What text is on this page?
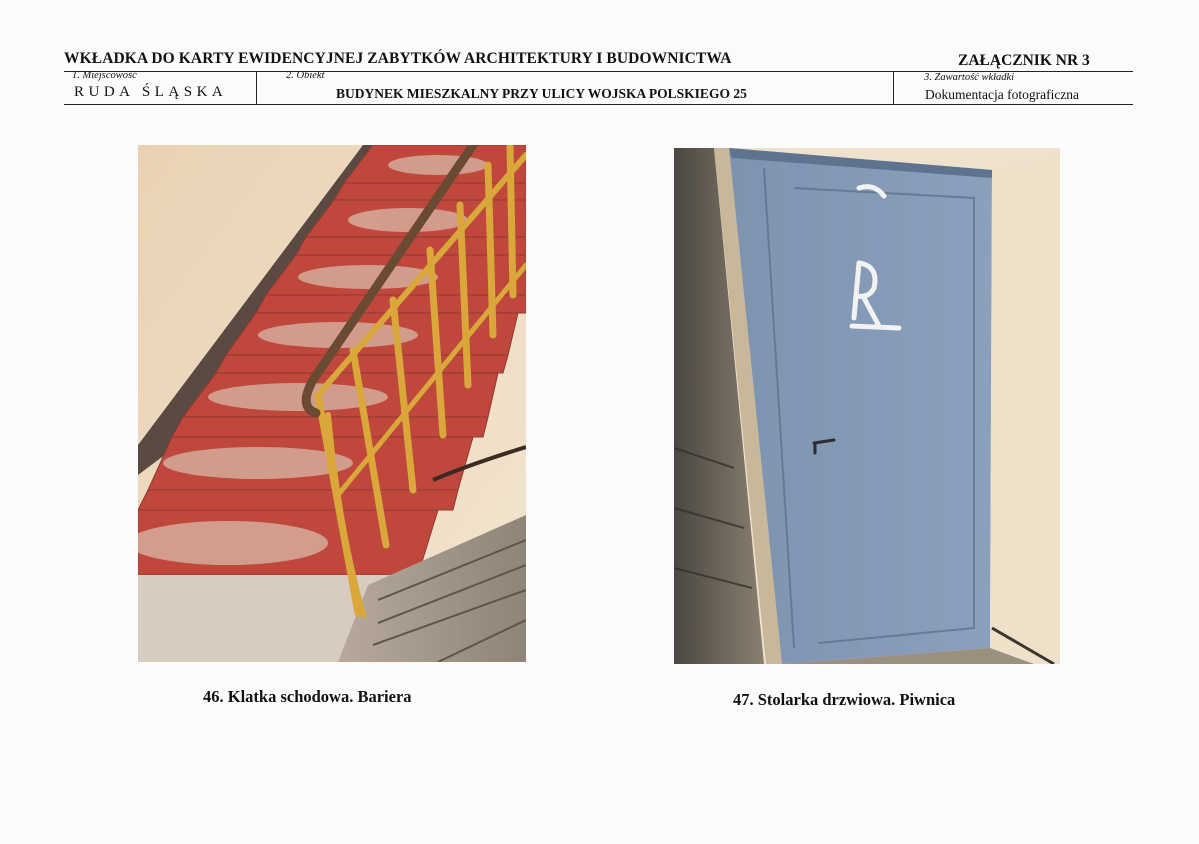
WKŁADKA DO KARTY EWIDENCYJNEJ ZABYTKÓW ARCHITEKTURY I BUDOWNICTWA	ZAŁĄCZNIK NR 3
1. Miejscowość
RUDA ŚLĄSKA
2. Obiekt
BUDYNEK MIESZKALNY PRZY ULICY WOJSKA POLSKIEGO 25
3. Zawartość wkładki
Dokumentacja fotograficzna
46. Klatka schodowa. Bariera	47. Stolarka drzwiowa. Piwnica
